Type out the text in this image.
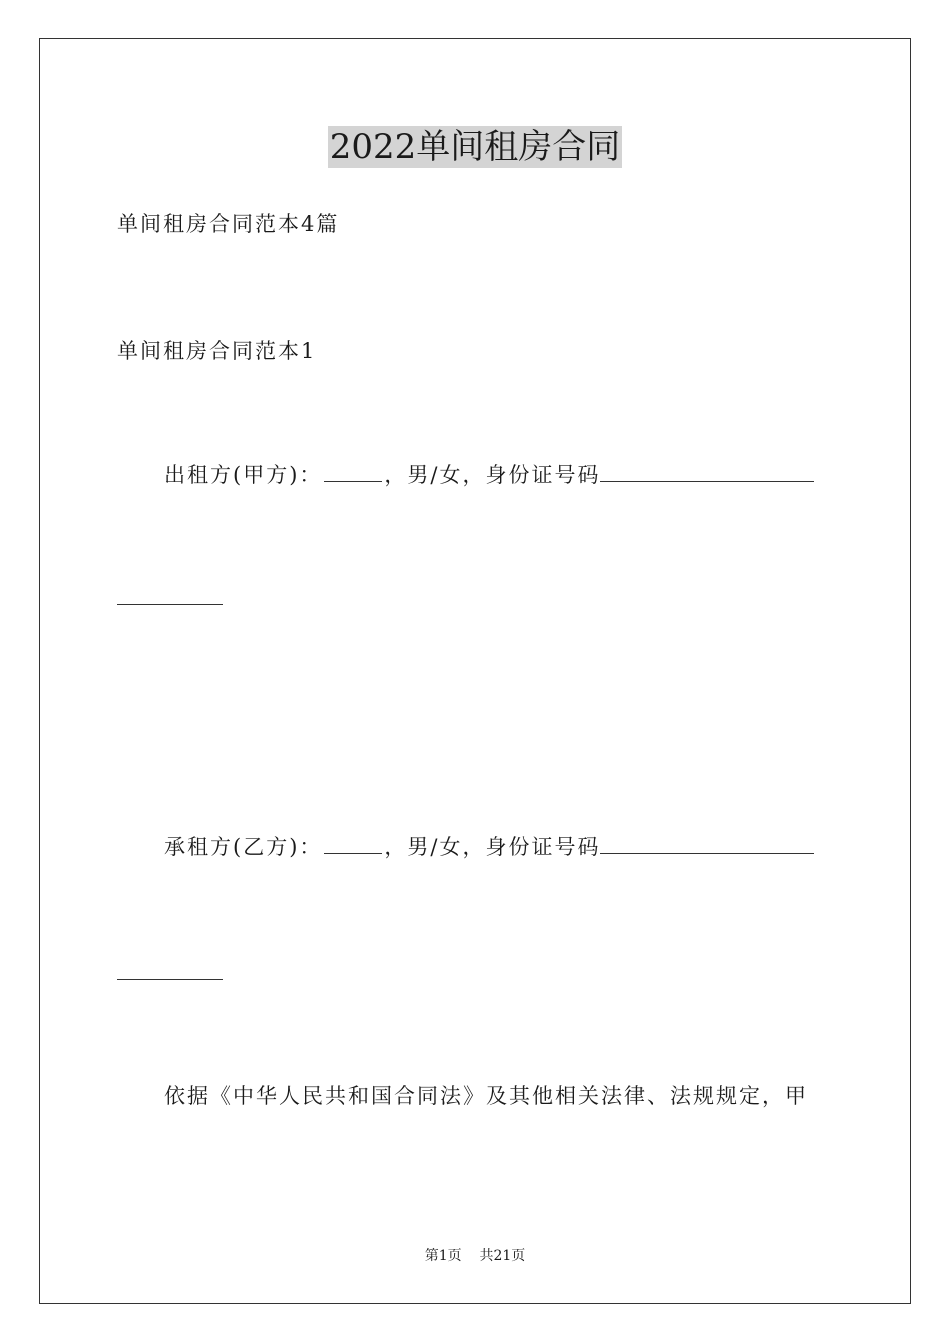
2022单间租房合同
单间租房合同范本4篇
单间租房合同范本1
出租方(甲方)：	，男/女，身份证号码
承租方(乙方)：	，男/女，身份证号码
依据《中华人民共和国合同法》及其他相关法律、法规规定，甲
第1页    共21页
